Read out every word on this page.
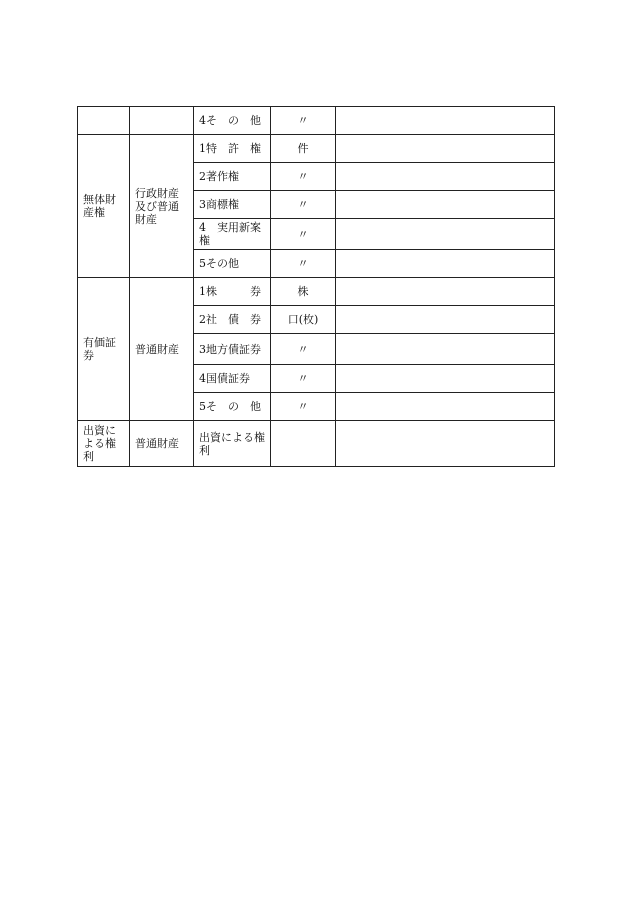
		4そ　の　他	〃	

無体財産権	行政財産及び普通財産	1特　許　権	件	

		2著作権	〃	

		3商標権	〃	

		4　実用新案権	〃	

		5その他	〃	

有価証券	普通財産	1株　　　券	株	

		2社　債　券	口(枚)	

		3地方債証券	〃	

		4国債証券	〃	

		5そ　の　他	〃	

出資による権利	普通財産	出資による権　　　利		
